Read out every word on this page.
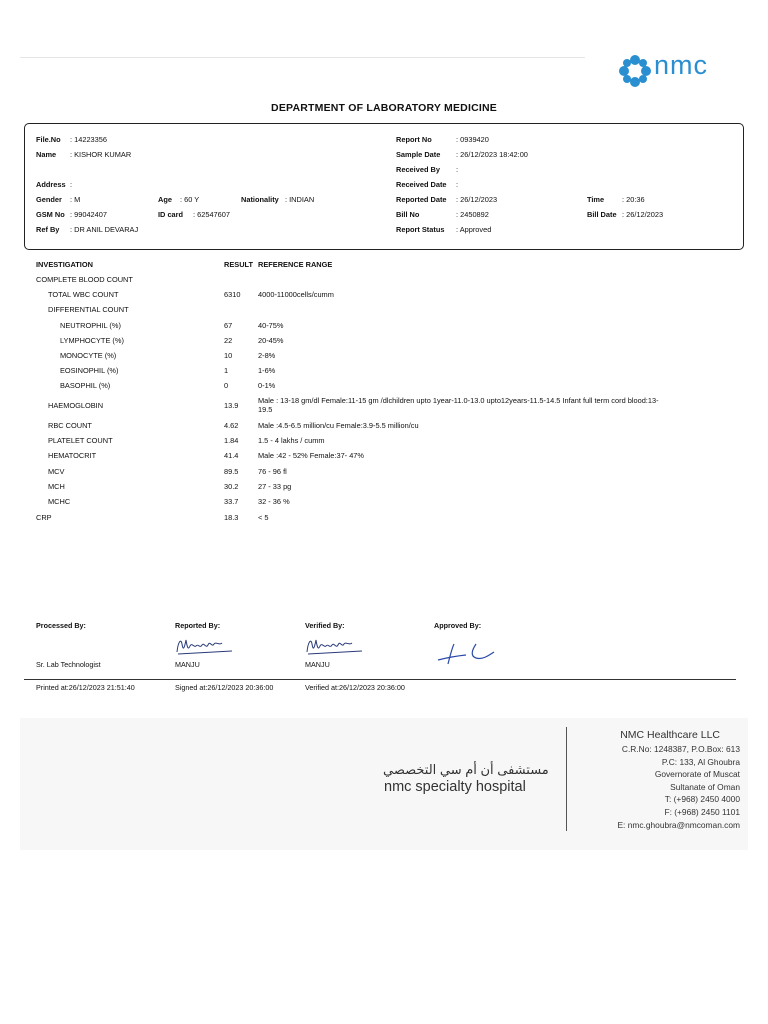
nmc
DEPARTMENT OF LABORATORY MEDICINE
File.No : 14223356
Name : KISHOR KUMAR
Address :
Gender : M	Age : 60 Y	Nationality : INDIAN
GSM No : 99042407	ID card : 62547607
Ref By : DR ANIL DEVARAJ
Report No	: 0939420
Sample Date : 26/12/2023 18:42:00
Received By :
Received Date :
Reported Date : 26/12/2023	Time : 20:36
Bill No	: 2450892	Bill Date : 26/12/2023
Report Status : Approved
INVESTIGATION	RESULT REFERENCE RANGE
COMPLETE BLOOD COUNT
TOTAL WBC COUNT	6310 4000-11000cells/cumm
DIFFERENTIAL COUNT
NEUTROPHIL (%)	67	40-75%
LYMPHOCYTE (%)	22	20-45%
MONOCYTE (%)	10	2-8%
EOSINOPHIL (%)	1	1-6%
BASOPHIL (%)	0	0-1%
HAEMOGLOBIN	13.9
Male : 13-18 gm/dl Female:11-15 gm /dlchildren upto 1year-11.0-13.0 upto12years-11.5-14.5 Infant full term cord blood:13-
19.5
RBC COUNT	4.62	Male :4.5-6.5 million/cu Female:3.9-5.5 million/cu
PLATELET COUNT	1.84	1.5 - 4 lakhs / cumm
HEMATOCRIT	41.4	Male :42 - 52% Female:37- 47%
MCV	89.5	76 - 96 fl
MCH	30.2	27 - 33 pg
MCHC	33.7	32 - 36 %
CRP	18.3	< 5
Processed By:	Reported By:	Verified By:	Approved By:
Sr. Lab Technologist	MANJU	MANJU
Printed at:26/12/2023 21:51:40	Signed at:26/12/2023 20:36:00	Verified at:26/12/2023 20:36:00
مستشفى أن أم سي التخصصي
nmc specialty hospital
NMC Healthcare LLC
C.R.No: 1248387, P.O.Box: 613
P.C: 133, Al Ghoubra
Governorate of Muscat
Sultanate of Oman
T: (+968) 2450 4000
F: (+968) 2450 1101
E: nmc.ghoubra@nmcoman.com
